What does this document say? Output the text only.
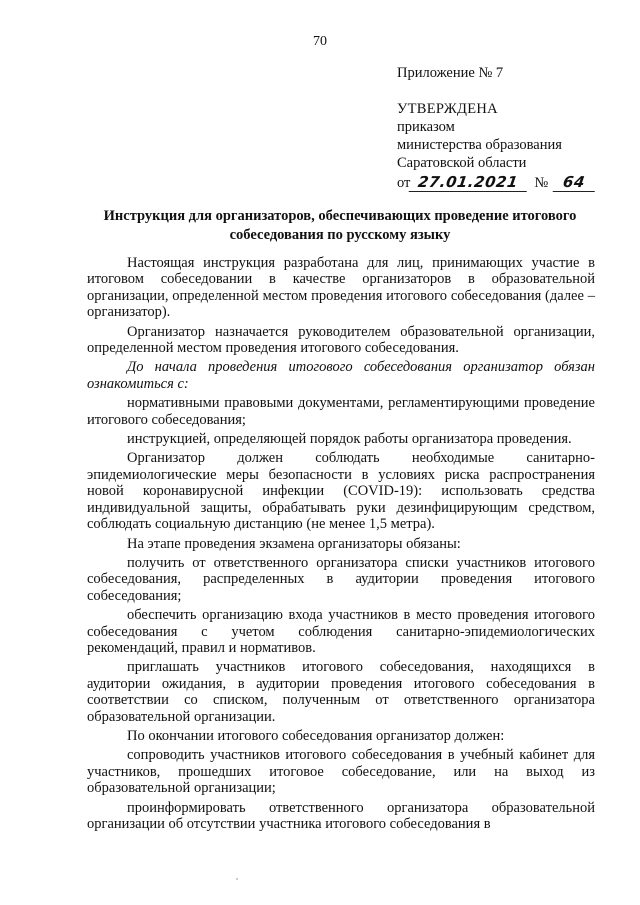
70
Приложение № 7
УТВЕРЖДЕНА
приказом
министерства образования
Саратовской области
от 27.01.2021	№ 64
Инструкция для организаторов, обеспечивающих проведение итогового
собеседования по русскому языку

Настоящая инструкция разработана для лиц, принимающих участие в итоговом собеседовании в качестве организаторов в образовательной организации, определенной местом проведения итогового собеседования (далее – организатор).

Организатор назначается руководителем образовательной организации, определенной местом проведения итогового собеседования.

До начала проведения итогового собеседования организатор обязан ознакомиться с:

нормативными правовыми документами, регламентирующими проведение итогового собеседования;

инструкцией, определяющей порядок работы организатора проведения.

Организатор должен соблюдать необходимые санитарно-эпидемиологические меры безопасности в условиях риска распространения новой коронавирусной инфекции (COVID-19): использовать средства индивидуальной защиты, обрабатывать руки дезинфицирующим средством, соблюдать социальную дистанцию (не менее 1,5 метра).

На этапе проведения экзамена организаторы обязаны:

получить от ответственного организатора списки участников итогового собеседования, распределенных в аудитории проведения итогового собеседования;

обеспечить организацию входа участников в место проведения итогового собеседования с учетом соблюдения санитарно-эпидемиологических рекомендаций, правил и нормативов.

приглашать участников итогового собеседования, находящихся в аудитории ожидания, в аудитории проведения итогового собеседования в соответствии со списком, полученным от ответственного организатора образовательной организации.

По окончании итогового собеседования организатор должен:

сопроводить участников итогового собеседования в учебный кабинет для участников, прошедших итоговое собеседование, или на выход из образовательной организации;

проинформировать ответственного организатора образовательной организации об отсутствии участника итогового собеседования в
